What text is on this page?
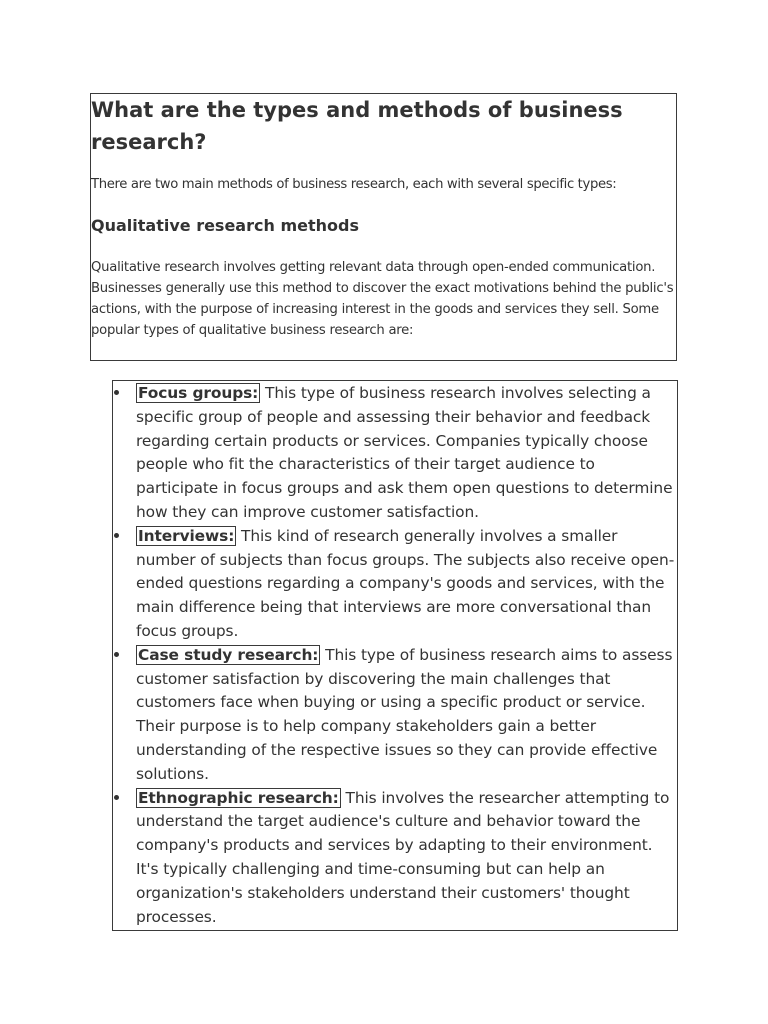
What are the types and methods of business research?
There are two main methods of business research, each with several specific types:
Qualitative research methods
Qualitative research involves getting relevant data through open-ended communication. Businesses generally use this method to discover the exact motivations behind the public's actions, with the purpose of increasing interest in the goods and services they sell. Some popular types of qualitative business research are:
Focus groups: This type of business research involves selecting a specific group of people and assessing their behavior and feedback regarding certain products or services. Companies typically choose people who fit the characteristics of their target audience to participate in focus groups and ask them open questions to determine how they can improve customer satisfaction.
Interviews: This kind of research generally involves a smaller number of subjects than focus groups. The subjects also receive open-ended questions regarding a company's goods and services, with the main difference being that interviews are more conversational than focus groups.
Case study research: This type of business research aims to assess customer satisfaction by discovering the main challenges that customers face when buying or using a specific product or service. Their purpose is to help company stakeholders gain a better understanding of the respective issues so they can provide effective solutions.
Ethnographic research: This involves the researcher attempting to understand the target audience's culture and behavior toward the company's products and services by adapting to their environment. It's typically challenging and time-consuming but can help an organization's stakeholders understand their customers' thought processes.
